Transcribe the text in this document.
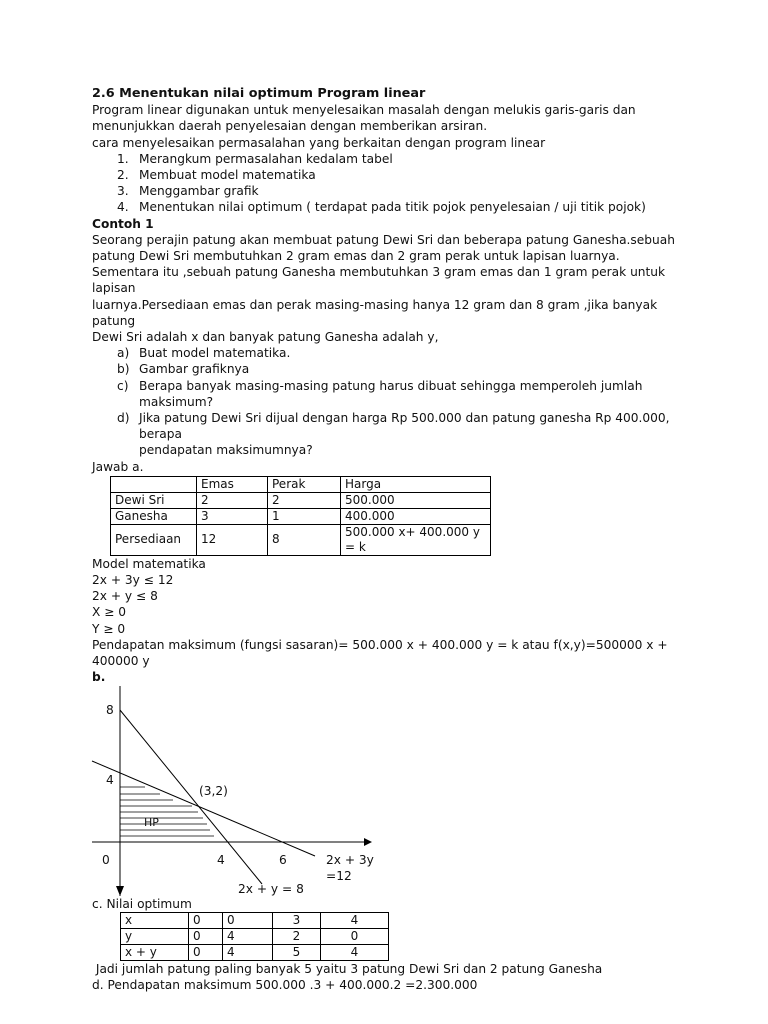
2.6 Menentukan nilai optimum Program linear

Program linear digunakan untuk menyelesaikan masalah dengan melukis garis-garis dan

menunjukkan daerah penyelesaian dengan memberikan arsiran.

cara menyelesaikan permasalahan yang berkaitan dengan program linear

1. Merangkum permasalahan kedalam tabel
2. Membuat model matematika
3. Menggambar grafik
4. Menentukan nilai optimum ( terdapat pada titik pojok penyelesaian / uji titik pojok)

Contoh 1

Seorang perajin patung akan membuat patung Dewi Sri dan beberapa patung Ganesha.sebuah

patung Dewi Sri membutuhkan 2 gram emas dan 2 gram perak untuk lapisan luarnya.

Sementara itu ,sebuah patung Ganesha membutuhkan 3 gram emas dan 1 gram perak untuk lapisan

luarnya.Persediaan emas dan perak masing-masing hanya 12 gram dan 8 gram ,jika banyak patung

Dewi Sri adalah x dan banyak patung Ganesha adalah y,

a) Buat model matematika.
b) Gambar grafiknya
c) Berapa banyak masing-masing patung harus dibuat sehingga memperoleh jumlah
maksimum?
d) Jika patung Dewi Sri dijual dengan harga Rp 500.000 dan patung ganesha Rp 400.000, berapa
pendapatan maksimumnya?

Jawab a.

	Emas	Perak	Harga
Dewi Sri	2	2	500.000
Ganesha	3	1	400.000
Persediaan	12	8	500.000 x+ 400.000 y = k

Model matematika

2x + 3y ≤ 12

2x + y ≤ 8

X ≥ 0

Y ≥ 0

Pendapatan maksimum (fungsi sasaran)= 500.000 x + 400.000 y = k atau f(x,y)=500000 x + 400000 y

b.

8
4
0	4	6
(3,2)
HP
2x + 3y =12
2x + y = 8

c. Nilai optimum

x	0	0	3	4
y	0	4	2	0
x + y	0	4	5	4

Jadi jumlah patung paling banyak 5 yaitu 3 patung Dewi Sri dan 2 patung Ganesha

d. Pendapatan maksimum 500.000 .3 + 400.000.2 =2.300.000
